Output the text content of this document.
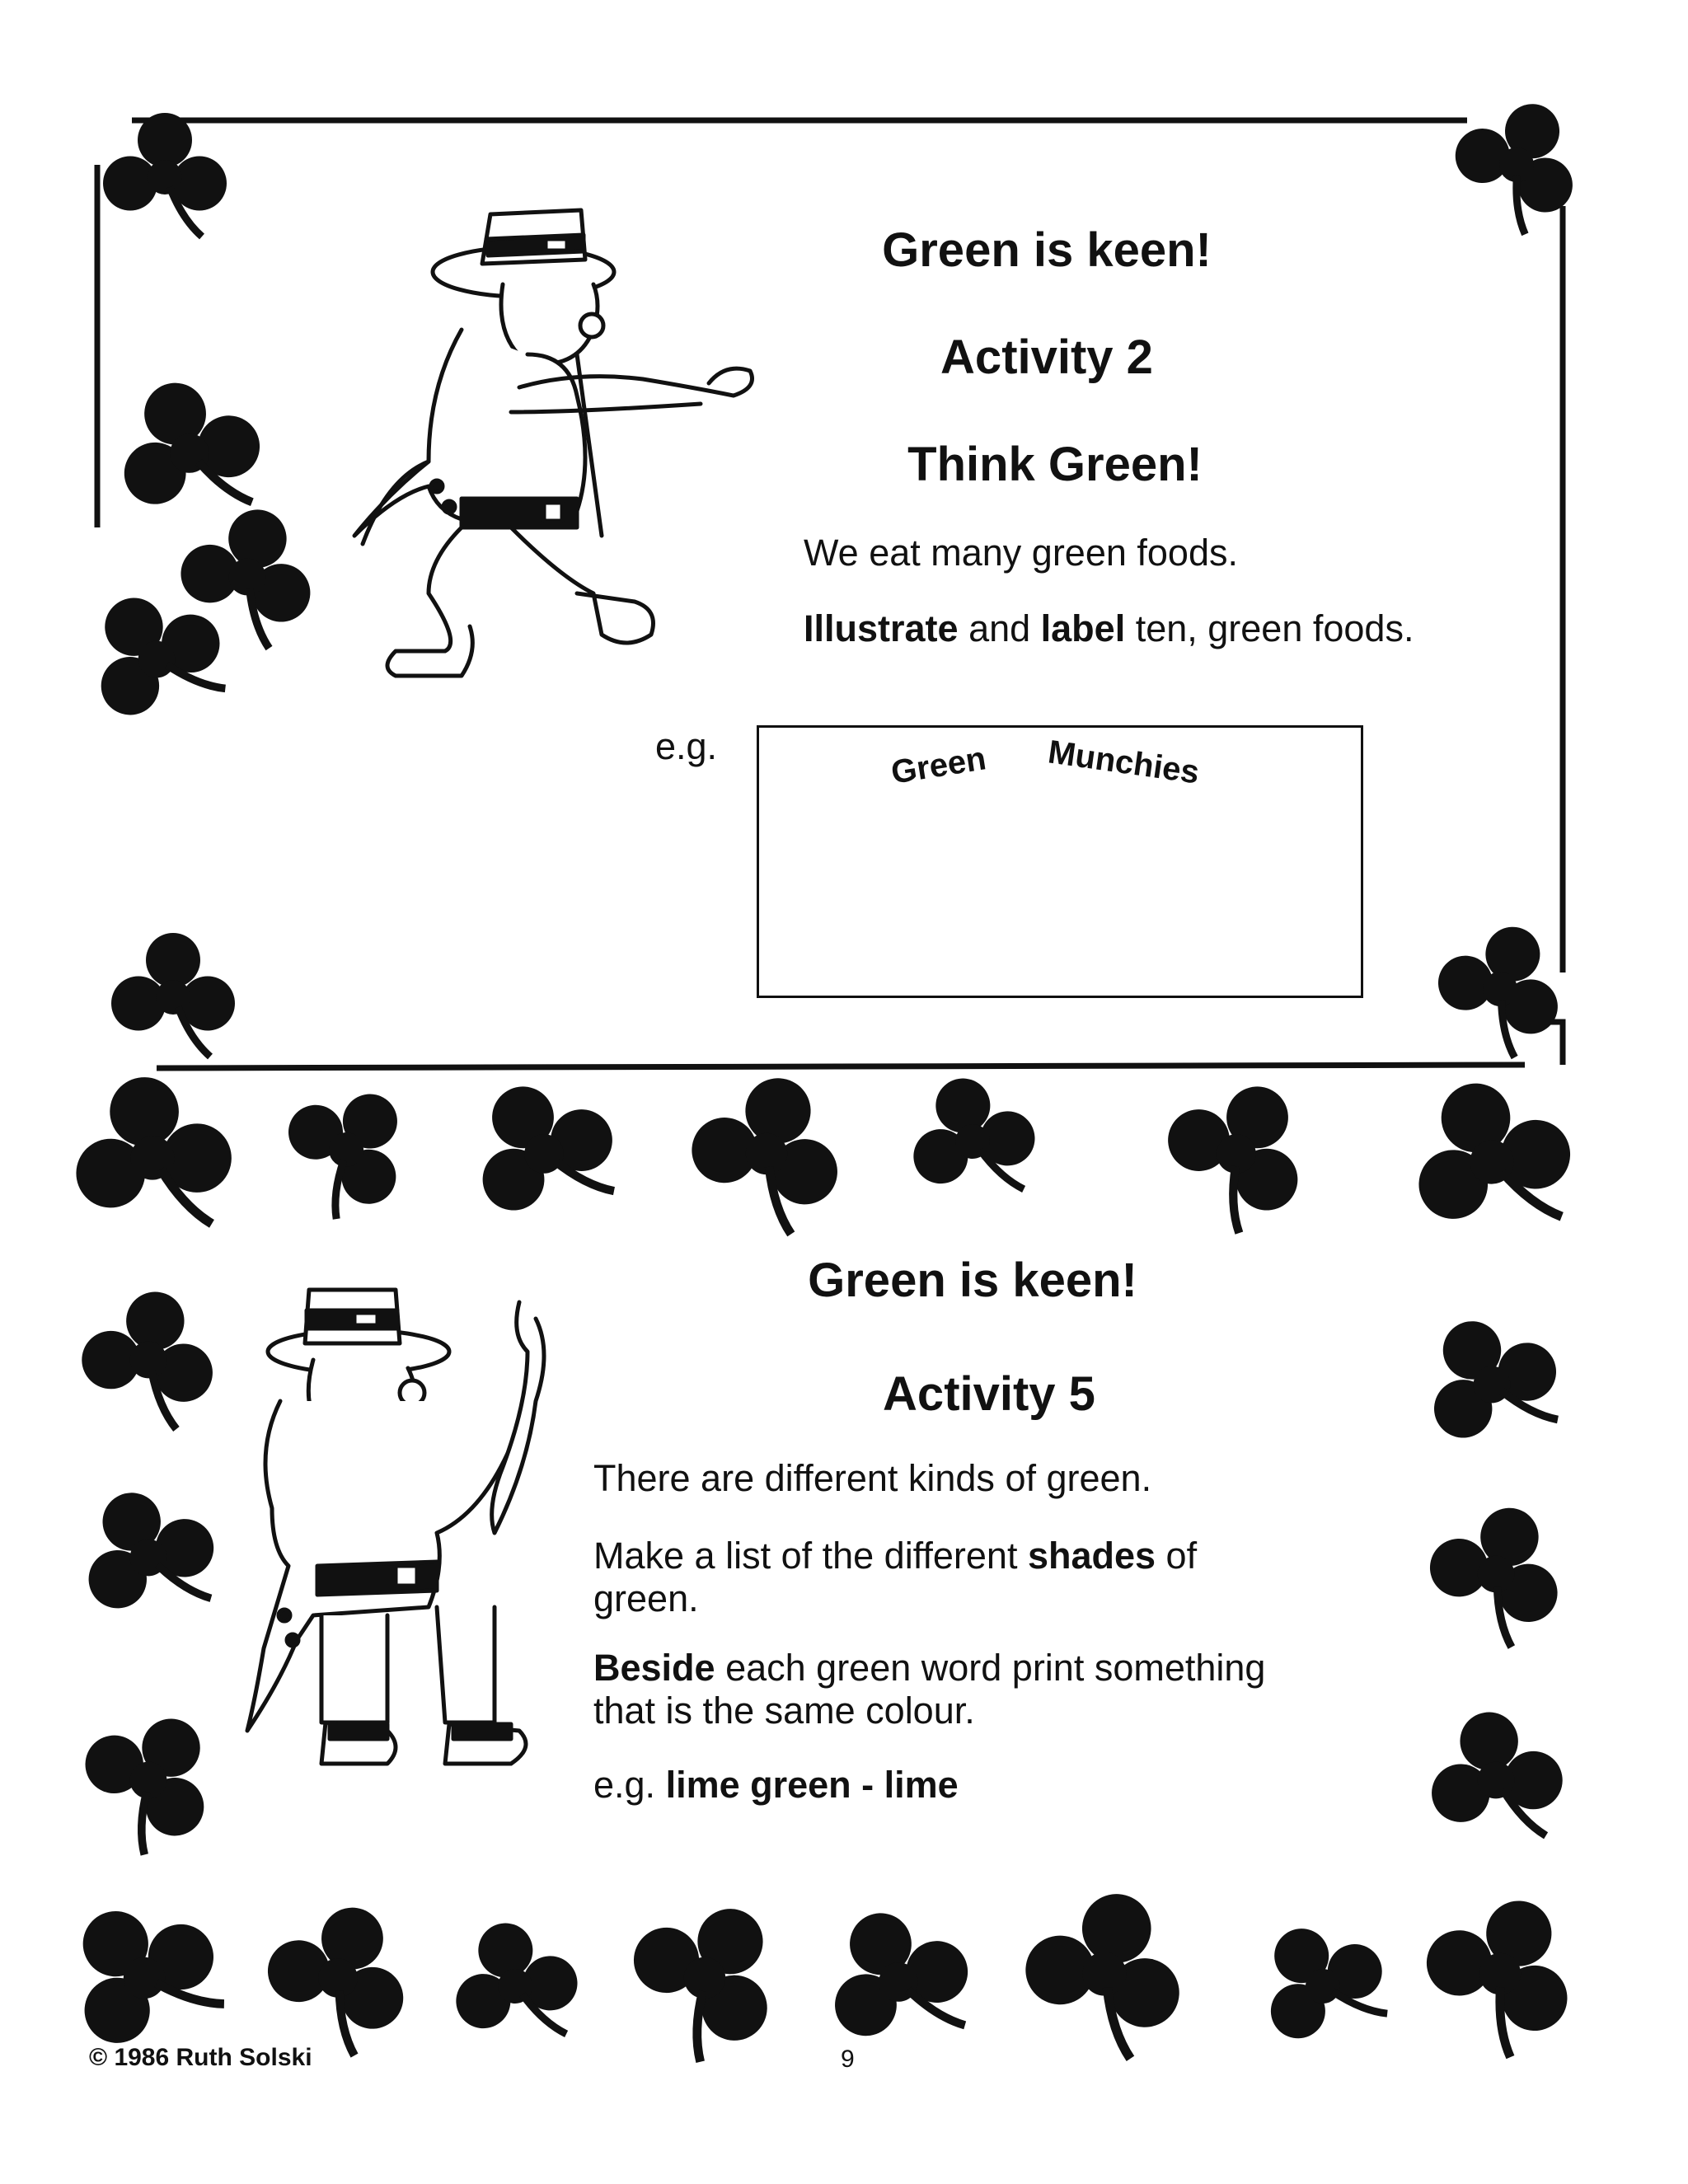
Green is keen!
Activity 2
Think Green!
We eat many green foods.
Illustrate and label ten, green foods.
e.g.	Green Munchies
Green is keen!
Activity 5
There are different kinds of green.
Make a list of the different shades of
green.
Beside each green word print something
that is the same colour.
e.g. lime green - lime
© 1986 Ruth Solski	9
